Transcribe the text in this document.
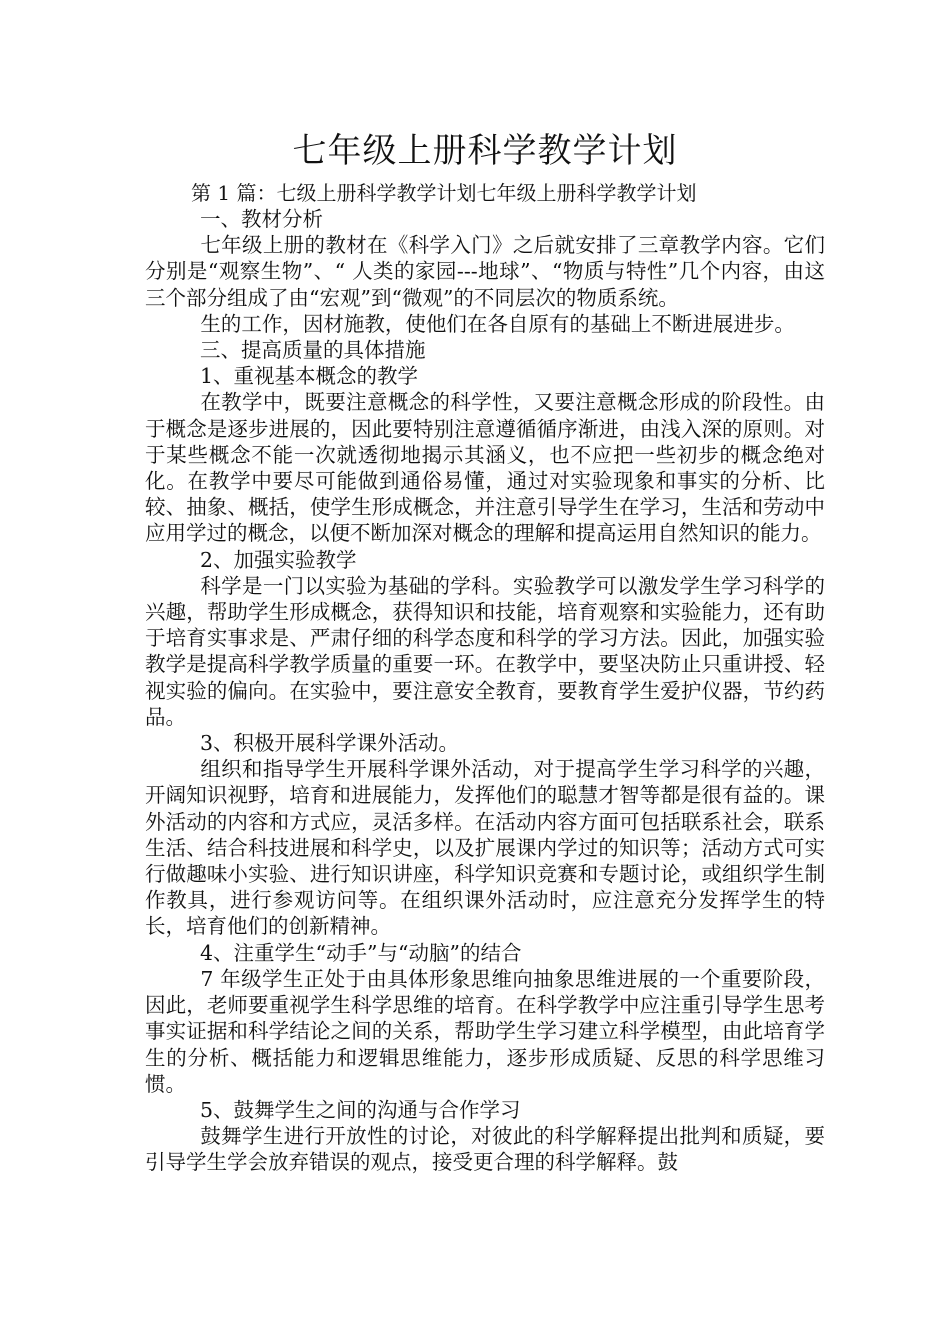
七年级上册科学教学计划

第 1 篇：七级上册科学教学计划七年级上册科学教学计划

一、教材分析

七年级上册的教材在《科学入门》之后就安排了三章教学内容。它们分别是“观察生物”、“ 人类的家园---地球”、“物质与特性”几个内容，由这三个部分组成了由“宏观”到“微观”的不同层次的物质系统。

生的工作，因材施教，使他们在各自原有的基础上不断进展进步。

三、提高质量的具体措施

1、重视基本概念的教学

在教学中，既要注意概念的科学性，又要注意概念形成的阶段性。由于概念是逐步进展的，因此要特别注意遵循循序渐进，由浅入深的原则。对于某些概念不能一次就透彻地揭示其涵义，也不应把一些初步的概念绝对化。在教学中要尽可能做到通俗易懂，通过对实验现象和事实的分析、比较、抽象、概括，使学生形成概念，并注意引导学生在学习，生活和劳动中应用学过的概念，以便不断加深对概念的理解和提高运用自然知识的能力。

2、加强实验教学

科学是一门以实验为基础的学科。实验教学可以激发学生学习科学的兴趣，帮助学生形成概念，获得知识和技能，培育观察和实验能力，还有助于培育实事求是、严肃仔细的科学态度和科学的学习方法。因此，加强实验教学是提高科学教学质量的重要一环。在教学中，要坚决防止只重讲授、轻视实验的偏向。在实验中，要注意安全教育，要教育学生爱护仪器，节约药品。

3、积极开展科学课外活动。

组织和指导学生开展科学课外活动，对于提高学生学习科学的兴趣，开阔知识视野，培育和进展能力，发挥他们的聪慧才智等都是很有益的。课外活动的内容和方式应，灵活多样。在活动内容方面可包括联系社会，联系生活、结合科技进展和科学史，以及扩展课内学过的知识等；活动方式可实行做趣味小实验、进行知识讲座，科学知识竞赛和专题讨论，或组织学生制作教具，进行参观访问等。在组织课外活动时，应注意充分发挥学生的特长，培育他们的创新精神。

4、注重学生“动手”与“动脑”的结合

7 年级学生正处于由具体形象思维向抽象思维进展的一个重要阶段，因此，老师要重视学生科学思维的培育。在科学教学中应注重引导学生思考事实证据和科学结论之间的关系，帮助学生学习建立科学模型，由此培育学生的分析、概括能力和逻辑思维能力，逐步形成质疑、反思的科学思维习惯。

5、鼓舞学生之间的沟通与合作学习

鼓舞学生进行开放性的讨论，对彼此的科学解释提出批判和质疑，要引导学生学会放弃错误的观点，接受更合理的科学解释。鼓
